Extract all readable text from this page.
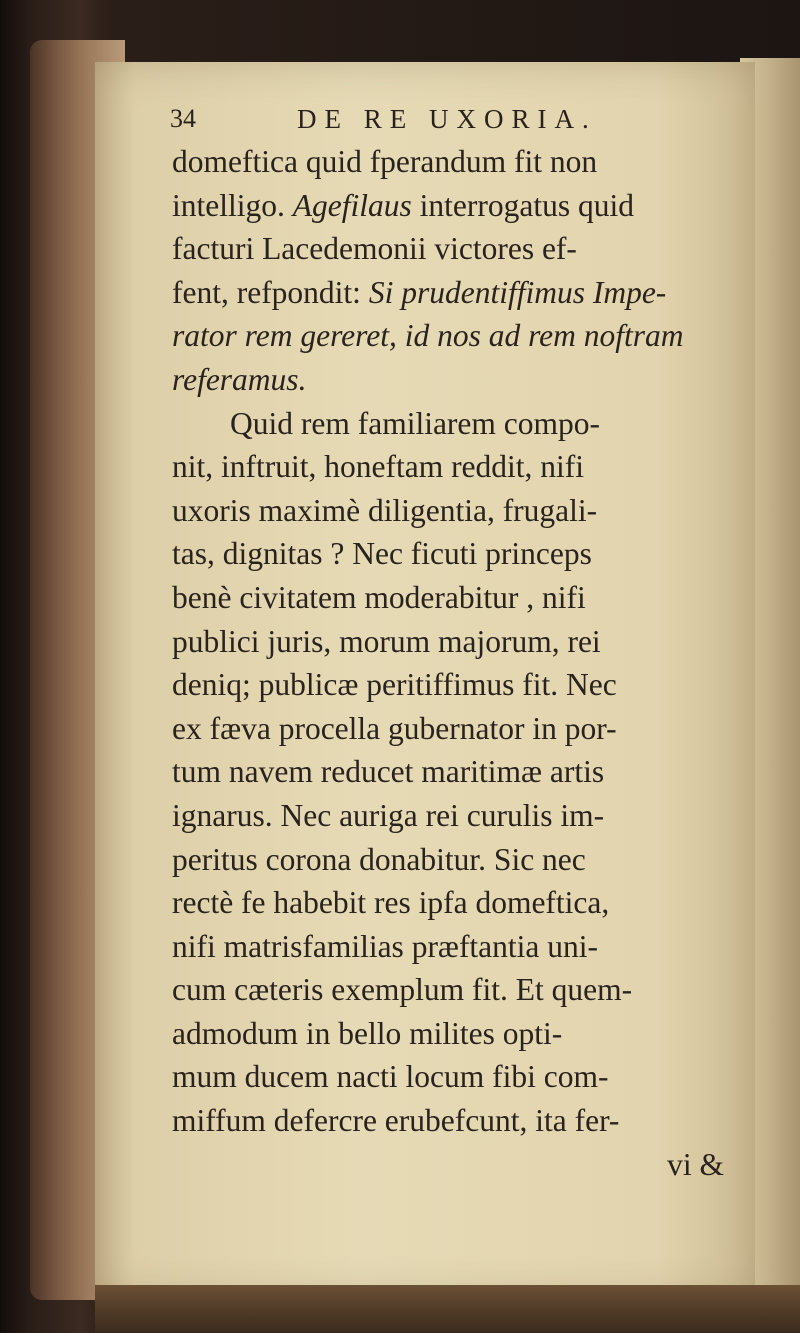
34	DE RE UXORIA.
domeftica quid fperandum fit non
intelligo. Agefilaus interrogatus quid
facturi Lacedemonii victores ef-
fent, refpondit: Si prudentiffimus Impe-
rator rem gereret, id nos ad rem noftram
referamus.
Quid rem familiarem compo-
nit, inftruit, honeftam reddit, nifi
uxoris maximè diligentia, frugali-
tas, dignitas ? Nec ficuti princeps
benè civitatem moderabitur , nifi
publici juris, morum majorum, rei
deniq; publicæ peritiffimus fit. Nec
ex fæva procella gubernator in por-
tum navem reducet maritimæ artis
ignarus. Nec auriga rei curulis im-
peritus corona donabitur. Sic nec
rectè fe habebit res ipfa domeftica,
nifi matrisfamilias præftantia uni-
cum cæteris exemplum fit. Et quem-
admodum in bello milites opti-
mum ducem nacti locum fibi com-
miffum defercre erubefcunt, ita fer-
vi &
